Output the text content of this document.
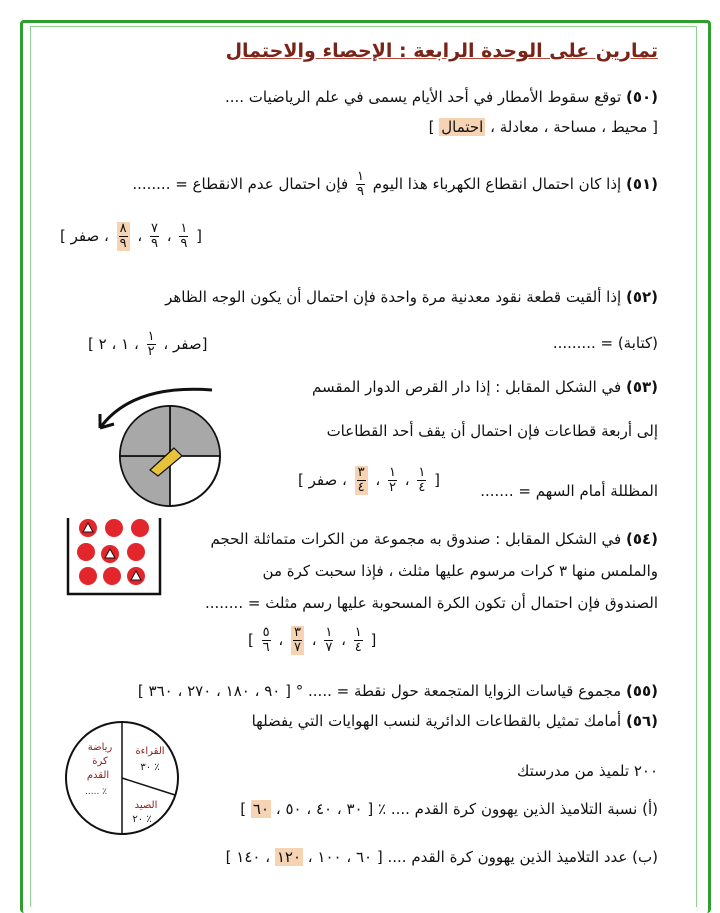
تمارين على الوحدة الرابعة : الإحصاء والاحتمال
(٥٠) توقع سقوط الأمطار في أحد الأيام يسمى في علم الرياضيات ....
[ محيط ، مساحة ، معادلة ، احتمال ]
(٥١) إذا كان احتمال انقطاع الكهرباء هذا اليوم
١
٩
فإن احتمال عدم الانقطاع = ........
[
١
٩
،
٧
٩
،
٨
٩
، صفر ]
(٥٢) إذا ألقيت قطعة نقود معدنية مرة واحدة فإن احتمال أن يكون الوجه الظاهر
(كتابة) = .........
[صفر ،
١
٢
، ١ ، ٢ ]
(٥٣) في الشكل المقابل : إذا دار القرص الدوار المقسم
إلى أربعة قطاعات فإن احتمال أن يقف أحد القطاعات
المظللة أمام السهم = .......
[
١
٤
،
١
٢
،
٣
٤
، صفر ]
(٥٤) في الشكل المقابل : صندوق به مجموعة من الكرات متماثلة الحجم
والملمس منها ٣ كرات مرسوم عليها مثلث ، فإذا سحبت كرة من
الصندوق فإن احتمال أن تكون الكرة المسحوبة عليها رسم مثلث = ........
[
١
٤
،
١
٧
،
٣
٧
،
٥
٦
]
(٥٥) مجموع قياسات الزوايا المتجمعة حول نقطة = ..... ° [ ٩٠ ، ١٨٠ ، ٢٧٠ ، ٣٦٠ ]
(٥٦) أمامك تمثيل بالقطاعات الدائرية لنسب الهوايات التي يفضلها
٢٠٠ تلميذ من مدرستك
(أ) نسبة التلاميذ الذين يهوون كرة القدم .... ٪ [ ٣٠ ، ٤٠ ، ٥٠ ، ٦٠ ]
(ب) عدد التلاميذ الذين يهوون كرة القدم .... [ ٦٠ ، ١٠٠ ، ١٢٠ ، ١٤٠ ]
رياضة
كرة
القدم
..... ٪
القراءة
٣٠ ٪
الصيد
٢٠ ٪
